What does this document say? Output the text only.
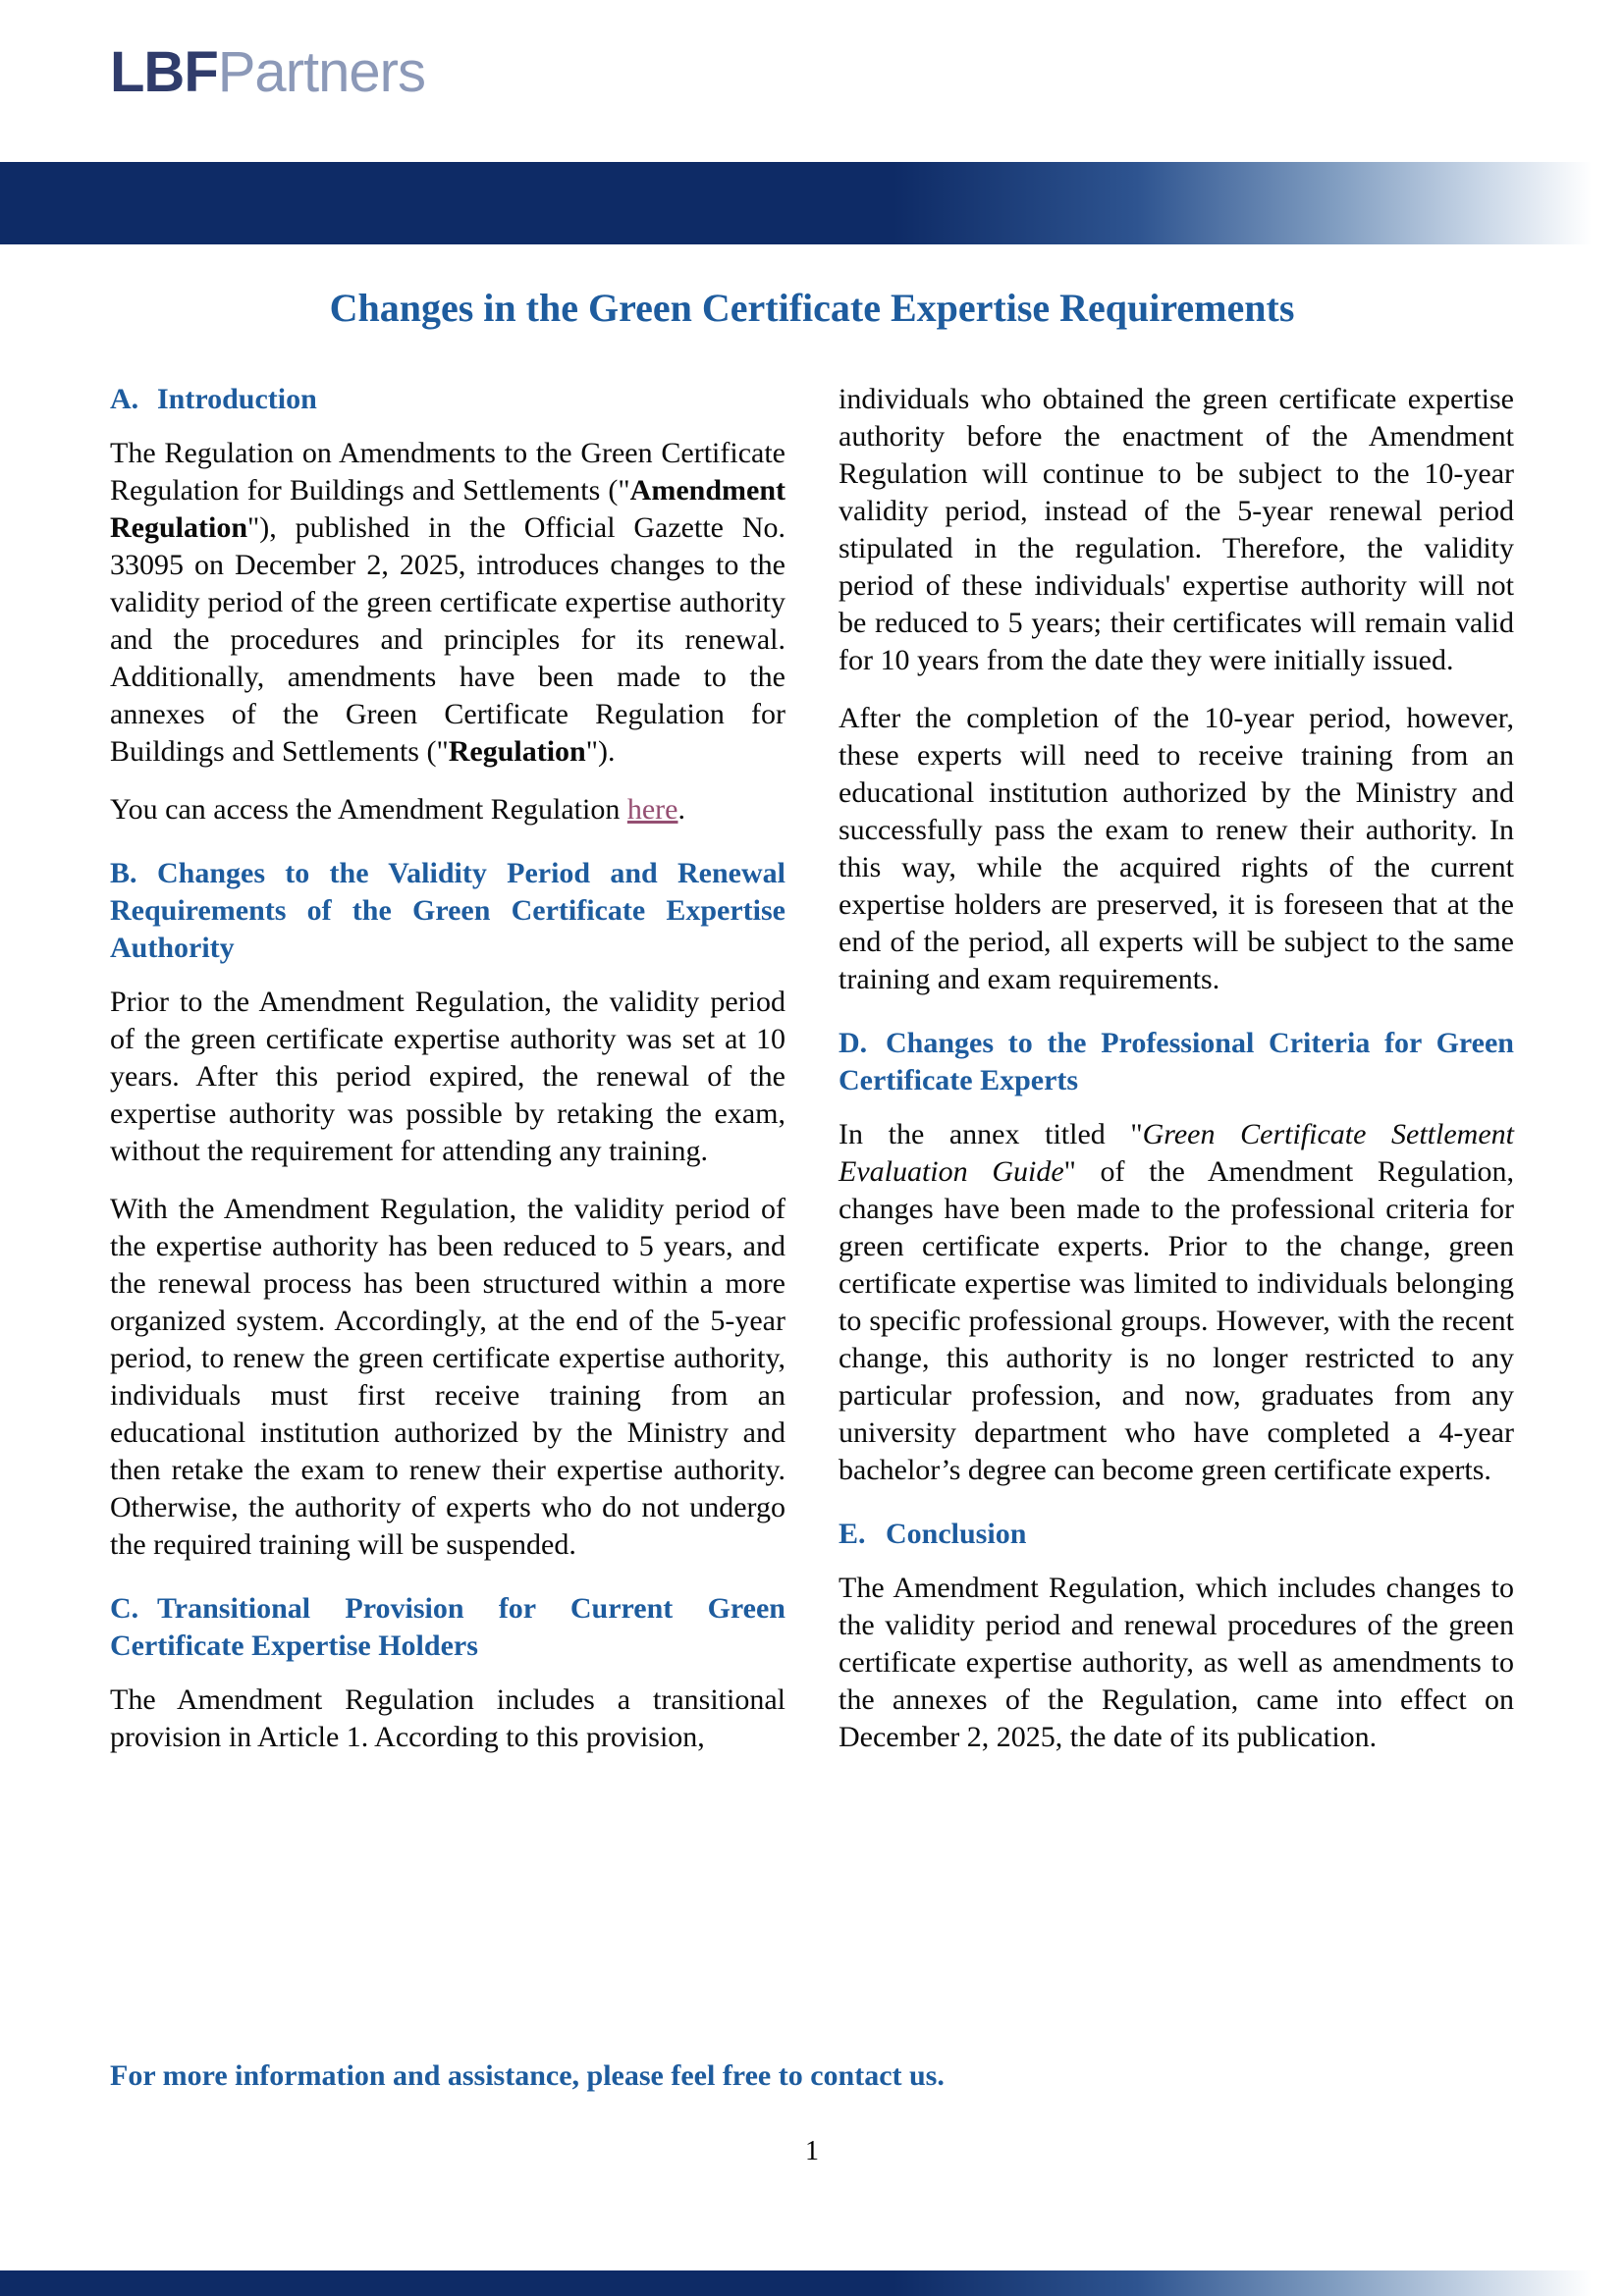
LBFPartners
Changes in the Green Certificate Expertise Requirements
A. Introduction
The Regulation on Amendments to the Green Certificate Regulation for Buildings and Settlements ("Amendment Regulation"), published in the Official Gazette No. 33095 on December 2, 2025, introduces changes to the validity period of the green certificate expertise authority and the procedures and principles for its renewal. Additionally, amendments have been made to the annexes of the Green Certificate Regulation for Buildings and Settlements ("Regulation").
You can access the Amendment Regulation here.
B. Changes to the Validity Period and Renewal Requirements of the Green Certificate Expertise Authority
Prior to the Amendment Regulation, the validity period of the green certificate expertise authority was set at 10 years. After this period expired, the renewal of the expertise authority was possible by retaking the exam, without the requirement for attending any training.
With the Amendment Regulation, the validity period of the expertise authority has been reduced to 5 years, and the renewal process has been structured within a more organized system. Accordingly, at the end of the 5-year period, to renew the green certificate expertise authority, individuals must first receive training from an educational institution authorized by the Ministry and then retake the exam to renew their expertise authority. Otherwise, the authority of experts who do not undergo the required training will be suspended.
C. Transitional Provision for Current Green Certificate Expertise Holders
The Amendment Regulation includes a transitional provision in Article 1. According to this provision,
individuals who obtained the green certificate expertise authority before the enactment of the Amendment Regulation will continue to be subject to the 10-year validity period, instead of the 5-year renewal period stipulated in the regulation. Therefore, the validity period of these individuals' expertise authority will not be reduced to 5 years; their certificates will remain valid for 10 years from the date they were initially issued.
After the completion of the 10-year period, however, these experts will need to receive training from an educational institution authorized by the Ministry and successfully pass the exam to renew their authority. In this way, while the acquired rights of the current expertise holders are preserved, it is foreseen that at the end of the period, all experts will be subject to the same training and exam requirements.
D. Changes to the Professional Criteria for Green Certificate Experts
In the annex titled "Green Certificate Settlement Evaluation Guide" of the Amendment Regulation, changes have been made to the professional criteria for green certificate experts. Prior to the change, green certificate expertise was limited to individuals belonging to specific professional groups. However, with the recent change, this authority is no longer restricted to any particular profession, and now, graduates from any university department who have completed a 4-year bachelor’s degree can become green certificate experts.
E. Conclusion
The Amendment Regulation, which includes changes to the validity period and renewal procedures of the green certificate expertise authority, as well as amendments to the annexes of the Regulation, came into effect on December 2, 2025, the date of its publication.
For more information and assistance, please feel free to contact us.
1
